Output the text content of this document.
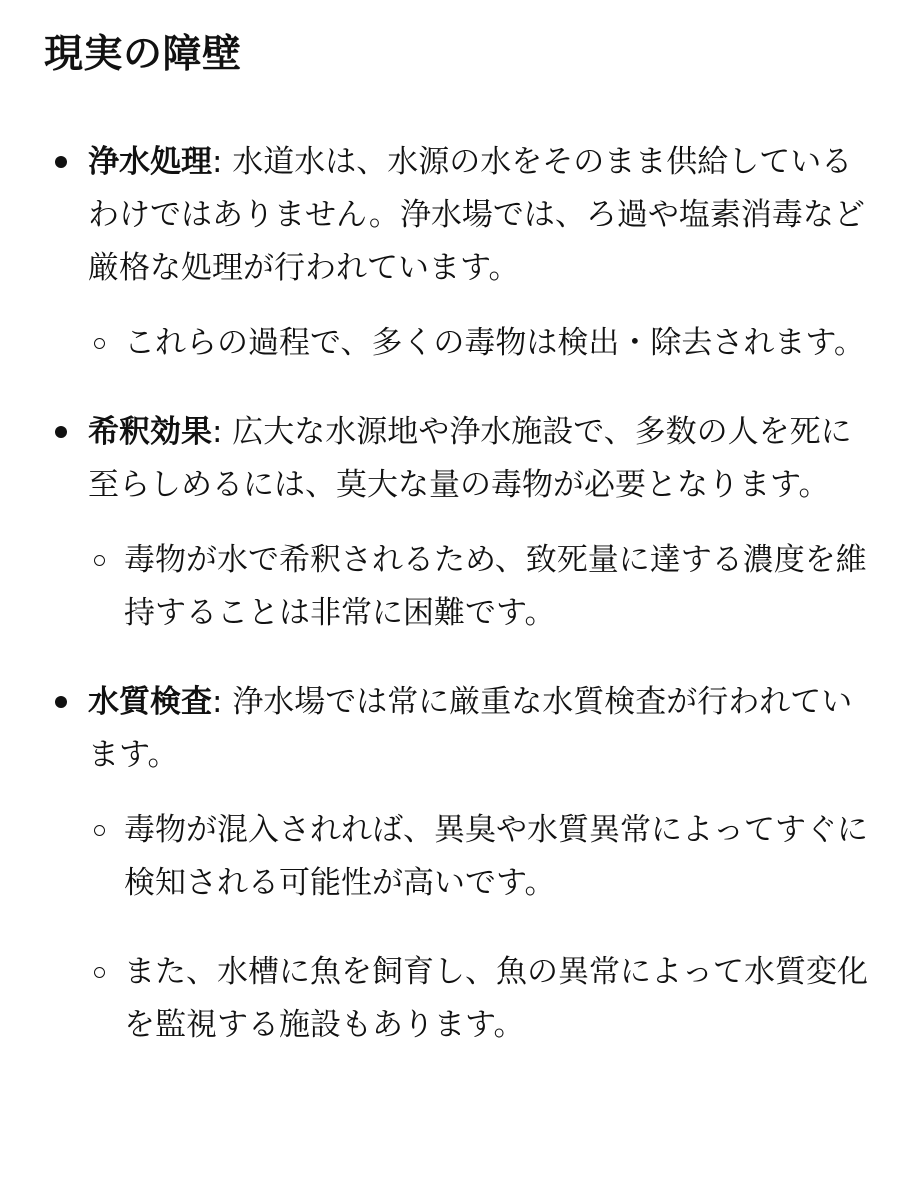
現実の障壁

浄水処理: 水道水は、水源の水をそのまま供給しているわけではありません。浄水場では、ろ過や塩素消毒など厳格な処理が行われています。

これらの過程で、多くの毒物は検出・除去されます。

希釈効果: 広大な水源地や浄水施設で、多数の人を死に至らしめるには、莫大な量の毒物が必要となります。

毒物が水で希釈されるため、致死量に達する濃度を維持することは非常に困難です。

水質検査: 浄水場では常に厳重な水質検査が行われています。

毒物が混入されれば、異臭や水質異常によってすぐに検知される可能性が高いです。
また、水槽に魚を飼育し、魚の異常によって水質変化を監視する施設もあります。
